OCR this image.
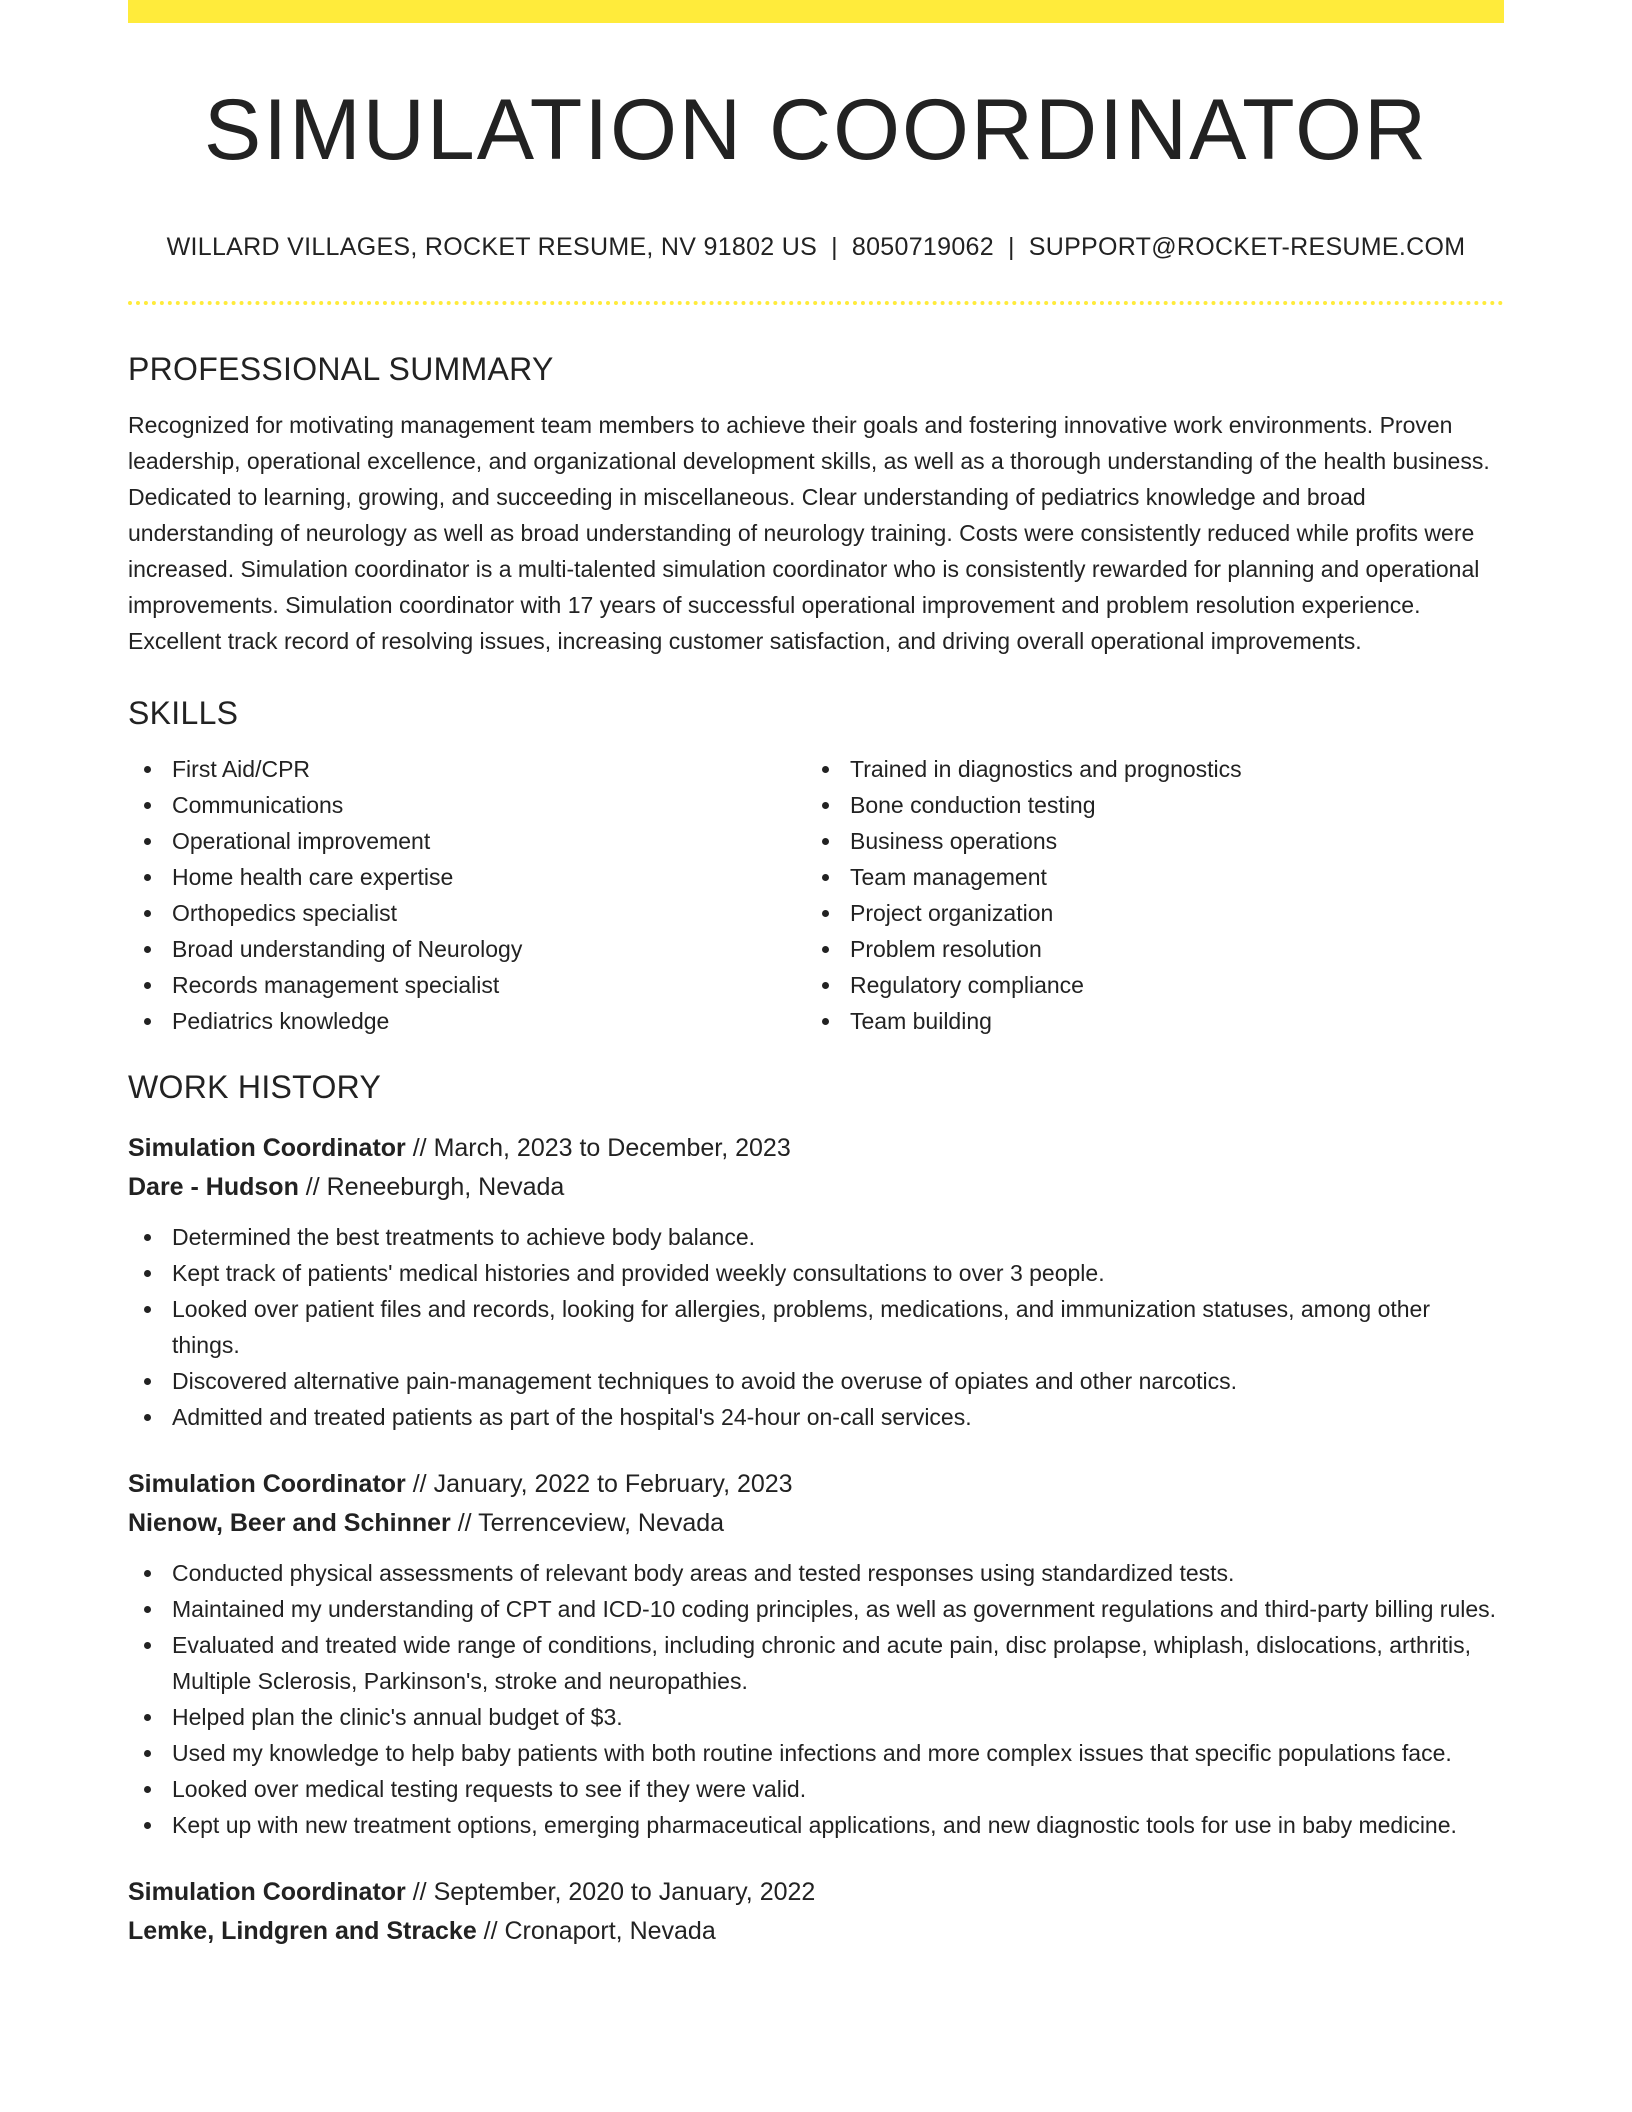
SIMULATION COORDINATOR
WILLARD VILLAGES, ROCKET RESUME, NV 91802 US | 8050719062 | SUPPORT@ROCKET-RESUME.COM
PROFESSIONAL SUMMARY

Recognized for motivating management team members to achieve their goals and fostering innovative work environments. Proven leadership, operational excellence, and organizational development skills, as well as a thorough understanding of the health business. Dedicated to learning, growing, and succeeding in miscellaneous. Clear understanding of pediatrics knowledge and broad understanding of neurology as well as broad understanding of neurology training. Costs were consistently reduced while profits were increased. Simulation coordinator is a multi-talented simulation coordinator who is consistently rewarded for planning and operational improvements. Simulation coordinator with 17 years of successful operational improvement and problem resolution experience. Excellent track record of resolving issues, increasing customer satisfaction, and driving overall operational improvements.

SKILLS
First Aid/CPR
Communications
Operational improvement
Home health care expertise
Orthopedics specialist
Broad understanding of Neurology
Records management specialist
Pediatrics knowledge
Trained in diagnostics and prognostics
Bone conduction testing
Business operations
Team management
Project organization
Problem resolution
Regulatory compliance
Team building
WORK HISTORY
Simulation Coordinator // March, 2023 to December, 2023
Dare - Hudson // Reneeburgh, Nevada
Determined the best treatments to achieve body balance.
Kept track of patients' medical histories and provided weekly consultations to over 3 people.
Looked over patient files and records, looking for allergies, problems, medications, and immunization statuses, among other things.
Discovered alternative pain-management techniques to avoid the overuse of opiates and other narcotics.
Admitted and treated patients as part of the hospital's 24-hour on-call services.
Simulation Coordinator // January, 2022 to February, 2023
Nienow, Beer and Schinner // Terrenceview, Nevada
Conducted physical assessments of relevant body areas and tested responses using standardized tests.
Maintained my understanding of CPT and ICD-10 coding principles, as well as government regulations and third-party billing rules.
Evaluated and treated wide range of conditions, including chronic and acute pain, disc prolapse, whiplash, dislocations, arthritis, Multiple Sclerosis, Parkinson's, stroke and neuropathies.
Helped plan the clinic's annual budget of $3.
Used my knowledge to help baby patients with both routine infections and more complex issues that specific populations face.
Looked over medical testing requests to see if they were valid.
Kept up with new treatment options, emerging pharmaceutical applications, and new diagnostic tools for use in baby medicine.
Simulation Coordinator // September, 2020 to January, 2022
Lemke, Lindgren and Stracke // Cronaport, Nevada
